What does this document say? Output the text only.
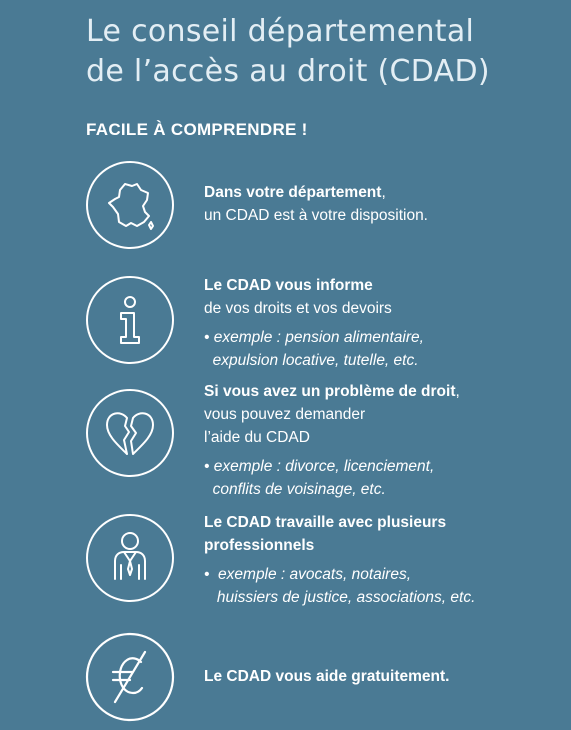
Le conseil départemental
de l’accès au droit (CDAD)
FACILE À COMPRENDRE !
Dans votre département,
un CDAD est à votre disposition.
Le CDAD vous informe
de vos droits et vos devoirs
• exemple : pension alimentaire,
expulsion locative, tutelle, etc.
Si vous avez un problème de droit,
vous pouvez demander
l’aide du CDAD
• exemple : divorce, licenciement,
conflits de voisinage, etc.
Le CDAD travaille avec plusieurs
professionnels
•  exemple : avocats, notaires,
huissiers de justice, associations, etc.
Le CDAD vous aide gratuitement.
